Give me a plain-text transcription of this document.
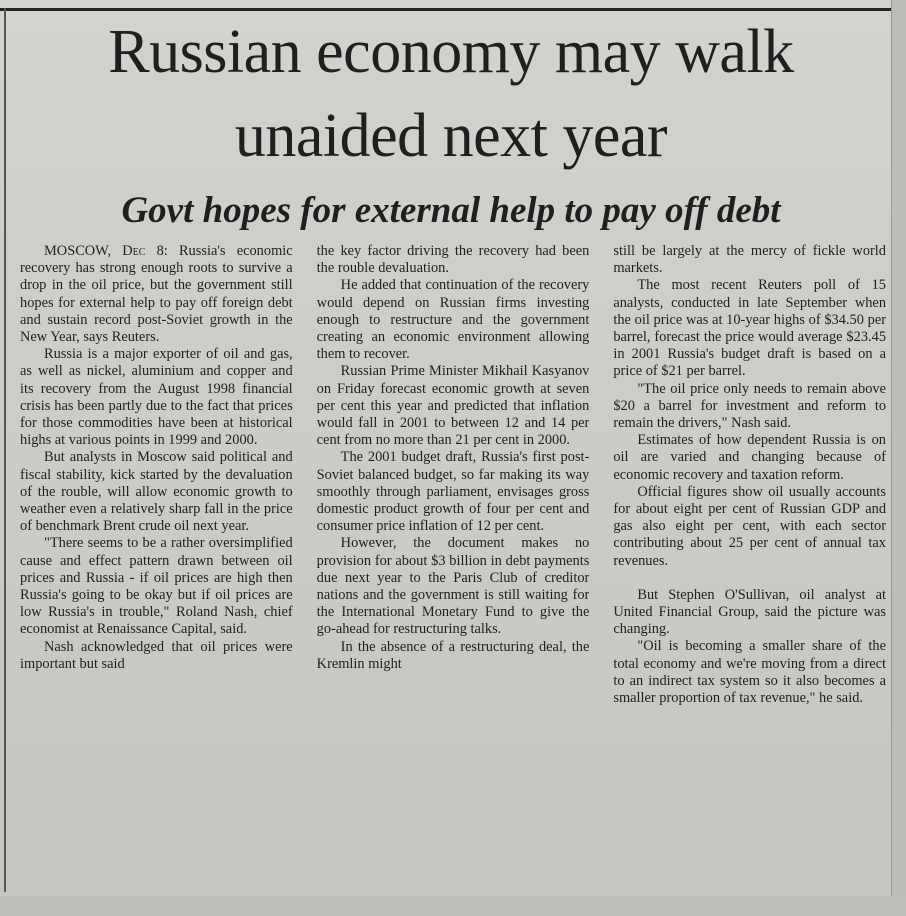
Russian economy may walk
unaided next year
Govt hopes for external help to pay off debt

MOSCOW, Dec 8: Russia's economic recovery has strong enough roots to survive a drop in the oil price, but the government still hopes for external help to pay off foreign debt and sustain record post-Soviet growth in the New Year, says Reuters.

Russia is a major exporter of oil and gas, as well as nickel, aluminium and copper and its recovery from the August 1998 financial crisis has been partly due to the fact that prices for those commodities have been at historical highs at various points in 1999 and 2000.

But analysts in Moscow said political and fiscal stability, kick started by the devaluation of the rouble, will allow economic growth to weather even a relatively sharp fall in the price of benchmark Brent crude oil next year.

"There seems to be a rather oversimplified cause and effect pattern drawn between oil prices and Russia - if oil prices are high then Russia's going to be okay but if oil prices are low Russia's in trouble," Roland Nash, chief economist at Renaissance Capital, said.

Nash acknowledged that oil prices were important but said

the key factor driving the recovery had been the rouble devaluation.

He added that continuation of the recovery would depend on Russian firms investing enough to restructure and the government creating an economic environment allowing them to recover.

Russian Prime Minister Mikhail Kasyanov on Friday forecast economic growth at seven per cent this year and predicted that inflation would fall in 2001 to between 12 and 14 per cent from no more than 21 per cent in 2000.

The 2001 budget draft, Russia's first post-Soviet balanced budget, so far making its way smoothly through parliament, envisages gross domestic product growth of four per cent and consumer price inflation of 12 per cent.

However, the document makes no provision for about $3 billion in debt payments due next year to the Paris Club of creditor nations and the government is still waiting for the International Monetary Fund to give the go-ahead for restructuring talks.

In the absence of a restructuring deal, the Kremlin might

still be largely at the mercy of fickle world markets.

The most recent Reuters poll of 15 analysts, conducted in late September when the oil price was at 10-year highs of $34.50 per barrel, forecast the price would average $23.45 in 2001 Russia's budget draft is based on a price of $21 per barrel.

"The oil price only needs to remain above $20 a barrel for investment and reform to remain the drivers," Nash said.

Estimates of how dependent Russia is on oil are varied and changing because of economic recovery and taxation reform.

Official figures show oil usually accounts for about eight per cent of Russian GDP and gas also eight per cent, with each sector contributing about 25 per cent of annual tax revenues.

But Stephen O'Sullivan, oil analyst at United Financial Group, said the picture was changing.

"Oil is becoming a smaller share of the total economy and we're moving from a direct to an indirect tax system so it also becomes a smaller proportion of tax revenue," he said.
